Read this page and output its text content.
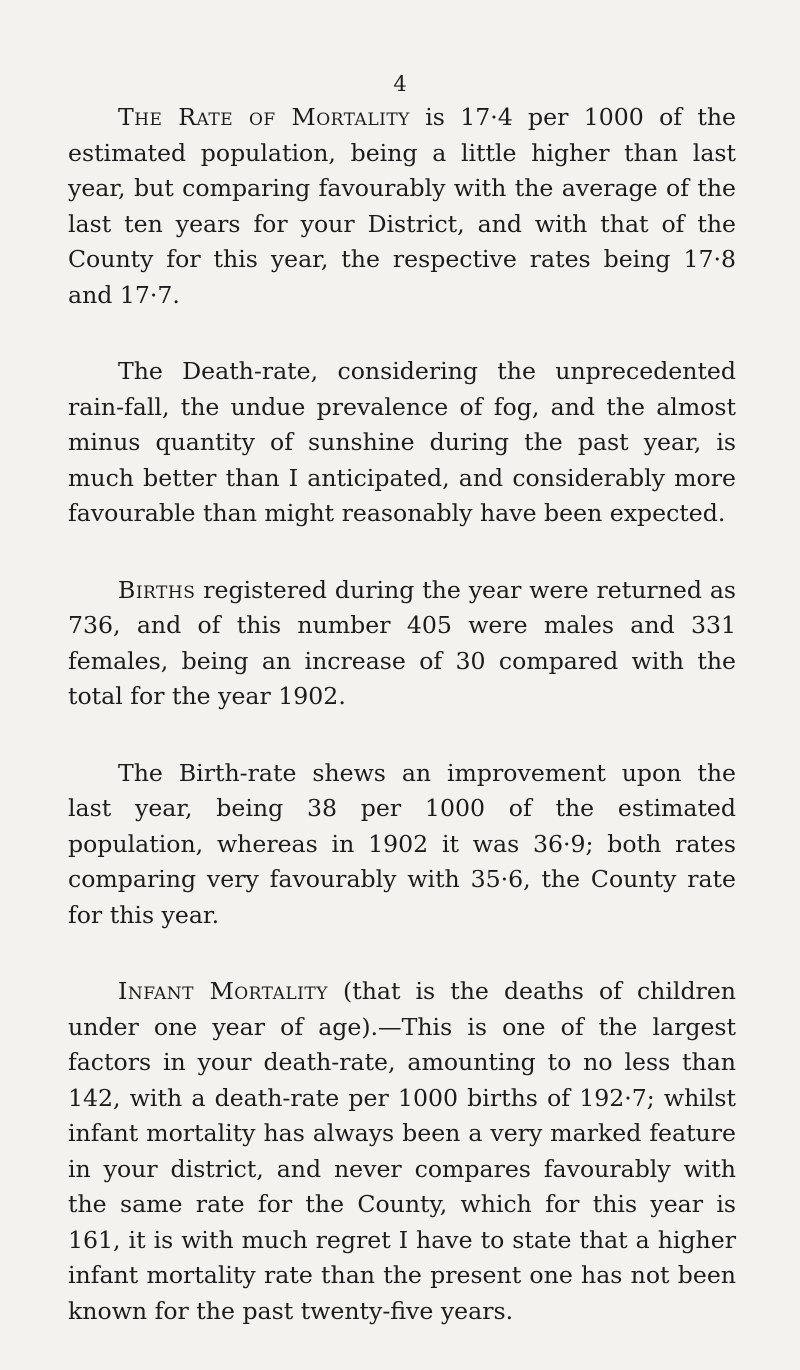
4

The Rate of Mortality is 17·4 per 1000 of the estimated population, being a little higher than last year, but comparing favourably with the average of the last ten years for your District, and with that of the County for this year, the respective rates being 17·8 and 17·7.

The Death-rate, considering the unprecedented rain-fall, the undue prevalence of fog, and the almost minus quantity of sunshine during the past year, is much better than I anticipated, and considerably more favourable than might reasonably have been expected.

Births registered during the year were returned as 736, and of this number 405 were males and 331 females, being an increase of 30 compared with the total for the year 1902.

The Birth-rate shews an improvement upon the last year, being 38 per 1000 of the estimated population, whereas in 1902 it was 36·9; both rates comparing very favourably with 35·6, the County rate for this year.

Infant Mortality (that is the deaths of children under one year of age).—This is one of the largest factors in your death-rate, amounting to no less than 142, with a death-rate per 1000 births of 192·7; whilst infant mortality has always been a very marked feature in your district, and never compares favourably with the same rate for the County, which for this year is 161, it is with much regret I have to state that a higher infant mortality rate than the present one has not been known for the past twenty-five years.
